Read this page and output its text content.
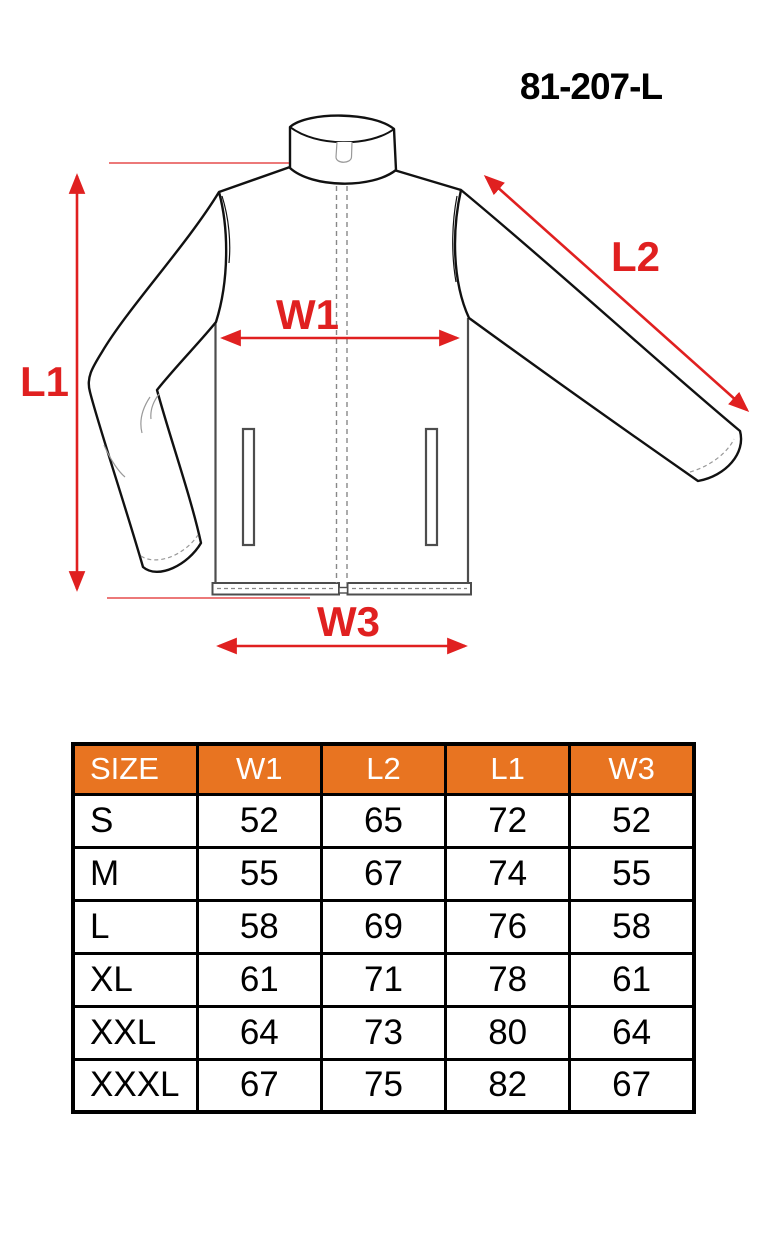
81-207-L
L1
W1
L2
W3
SIZE	W1	L2	L1	W3
S	52	65	72	52
M	55	67	74	55
L	58	69	76	58
XL	61	71	78	61
XXL	64	73	80	64
XXXL	67	75	82	67
